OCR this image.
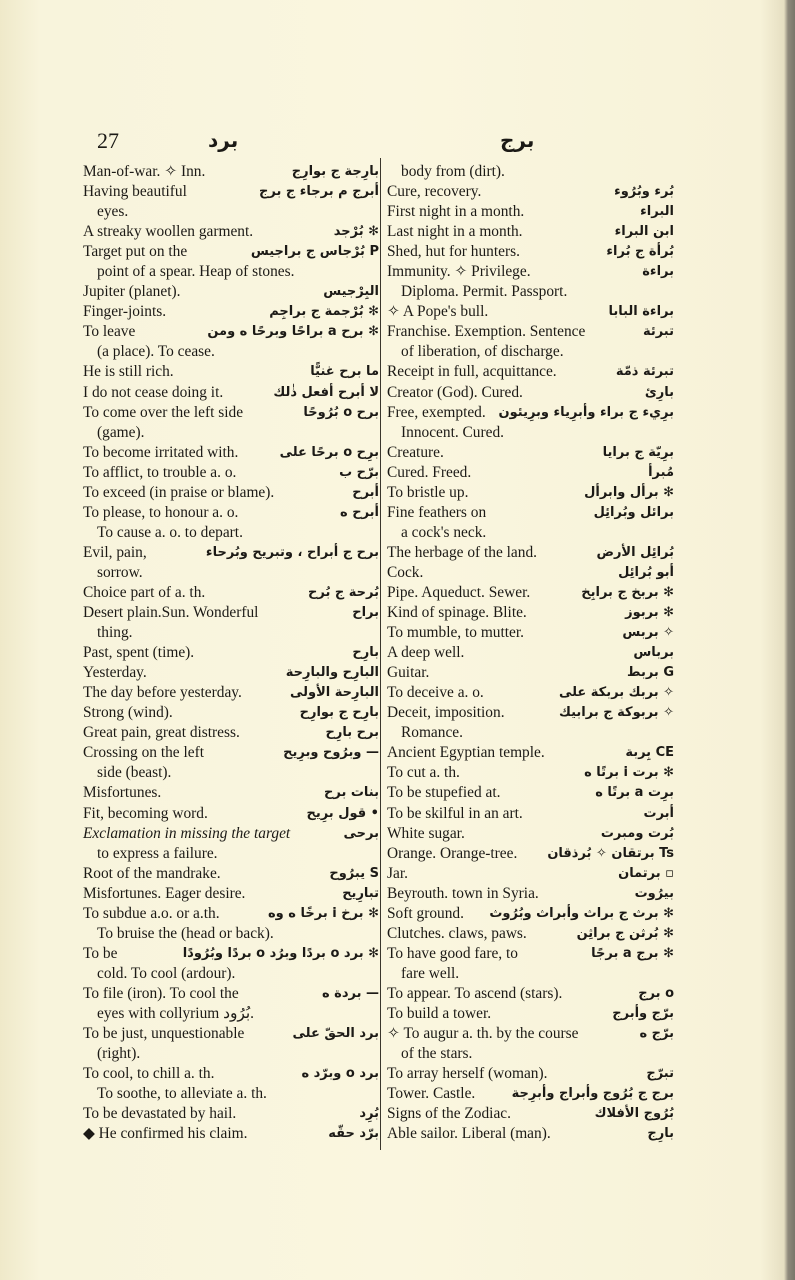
27	برد	برج
Man-of-war. ✧ Inn.	بارِجة ج بوارِج
Having beautiful	أبرج م برجاء ج برج
eyes.
A streaky woollen garment.	✻ بُرْجد
Target put on the	P بُرْجاس ج براجيس
point of a spear. Heap of stones.
Jupiter (planet).	البِرْجيس
Finger-joints.	✻ بُرْجمة ج براجِم
To leave	✻ برح a براحًا وبرحًا ه ومن
(a place). To cease.
He is still rich.	ما برح غنيًّا
I do not cease doing it.	لا أبرح أفعل ذٰلك
To come over the left side	برح o بُرُوحًا
(game).
To become irritated with.	برِح o برحًا على
To afflict, to trouble a. o.	برّح ب
To exceed (in praise or blame).	أبرح
To please, to honour a. o.	أبرح ه
To cause a. o. to depart.
Evil, pain,	برح ج أبراح ، وتبريح وبُرحاء
sorrow.
Choice part of a. th.	بُرحة ج بُرح
Desert plain.Sun. Wonderful	براح
thing.
Past, spent (time).	بارِح
Yesterday.	البارِح والبارِحة
The day before yesterday.	البارِحة الأولى
Strong (wind).	بارِح ج بوارِح
Great pain, great distress.	برح بارِح
Crossing on the left	— وبرُوح وبرِيح
side (beast).
Misfortunes.	بنات برح
Fit, becoming word.	• قول برِيح
Exclamation in missing the target	برحى
to express a failure.
Root of the mandrake.	S يبرُوح
Misfortunes. Eager desire.	تبارِيح
To subdue a.o. or a.th.	✻ برخ i برخًا ه وه
To bruise the (head or back).
To be	✻ برد o بردًا وبرُد o بردًا وبُرُودًا
cold. To cool (ardour).
To file (iron). To cool the	— بردة ه
eyes with collyrium بُرُود.
To be just, unquestionable	برد الحقّ على
(right).
To cool, to chill a. th.	برد o وبرّد ه
To soothe, to alleviate a. th.
To be devastated by hail.	بُرِد
◆ He confirmed his claim.	برّد حقّه
body from (dirt).
Cure, recovery.	بُرء وبُرُوء
First night in a month.	البراء
Last night in a month.	ابن البراء
Shed, hut for hunters.	بُرأة ج بُراء
Immunity. ✧ Privilege.	براءة
Diploma. Permit. Passport.
✧ A Pope's bull.	براءة البابا
Franchise. Exemption. Sentence	تبرئة
of liberation, of discharge.
Receipt in full, acquittance.	تبرئة ذمّة
Creator (God). Cured.	بارِئ
Free, exempted. برِيء ج براء وأبرِياء وبرِيئون
Innocent. Cured.
Creature.	برِيّة ج برايا
Cured. Freed.	مُبرأ
To bristle up.	✻ برأل وابرأل
Fine feathers on	برائل وبُرائِل
a cock's neck.
The herbage of the land.	بُرائِل الأرض
Cock.	أبو بُرائِل
Pipe. Aqueduct. Sewer.	✻ بربخ ج برابِخ
Kind of spinage. Blite.	✻ بربوز
To mumble, to mutter.	✧ بربس
A deep well.	برباس
Guitar.	G بربط
To deceive a. o.	✧ بربك بربكة على
Deceit, imposition.	✧ بربوكة ج برابيك
Romance.
Ancient Egyptian temple.	CE بِربة
To cut a. th.	✻ برت i برتًا ه
To be stupefied at.	برِت a برتًا ه
To be skilful in an art.	أبرت
White sugar.	بُرت ومبرت
Orange. Orange-tree. Ts برتقان ✧ بُرذقان
Jar.	▫ برتمان
Beyrouth. town in Syria.	بيرُوت
Soft ground. ✻ برث ج براث وأبراث وبُرُوث
Clutches. claws, paws.	✻ بُرثن ج براثِن
To have good fare, to	✻ برج a برجًا
fare well.
To appear. To ascend (stars).	o برج
To build a tower.	برّج وأبرج
✧ To augur a. th. by the course	برّج ه
of the stars.
To array herself (woman).	تبرّج
Tower. Castle.	برج ج بُرُوج وأبراج وأبرِجة
Signs of the Zodiac.	بُرُوج الأفلاك
Able sailor. Liberal (man).	بارِج
